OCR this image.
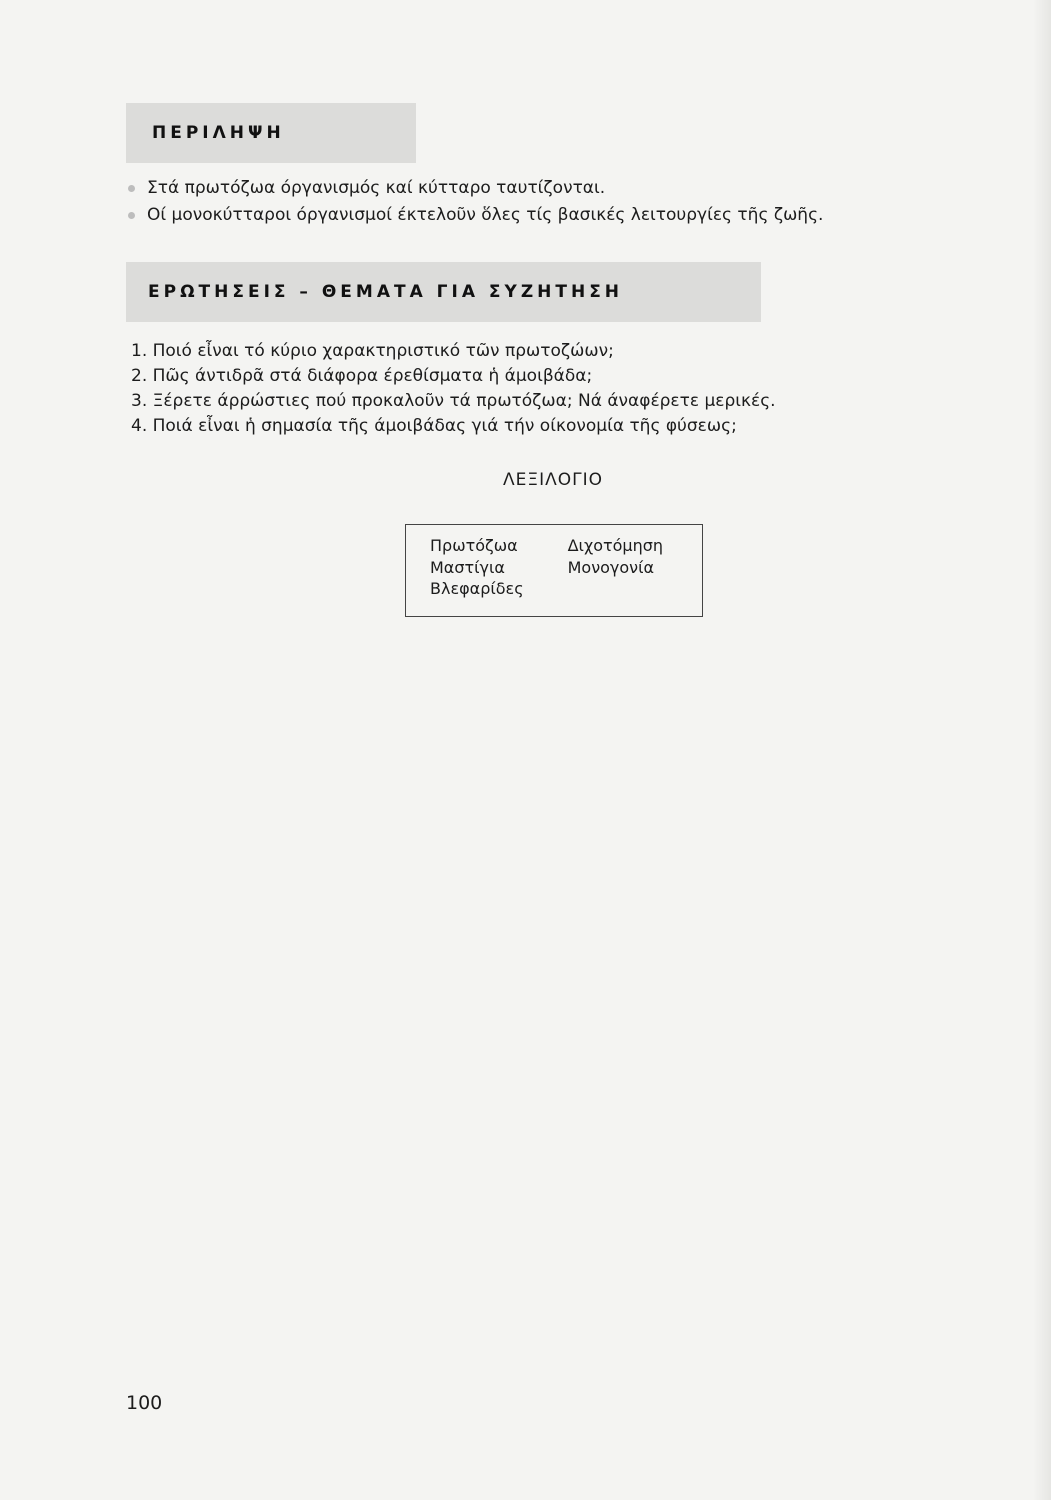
ΠΕΡΙΛΗΨΗ
Στά πρωτόζωα όργανισμός καί κύτταρο ταυτίζονται.
Οί μονοκύτταροι όργανισμοί έκτελοῦν ὅλες τίς βασικές λειτουργίες τῆς ζωῆς.
ΕΡΩΤΗΣΕΙΣ – ΘΕΜΑΤΑ ΓΙΑ ΣΥΖΗΤΗΣΗ
1. Ποιό εἶναι τό κύριο χαρακτηριστικό τῶν πρωτοζώων;
2. Πῶς άντιδρᾶ στά διάφορα έρεθίσματα ἡ άμοιβάδα;
3. Ξέρετε άρρώστιες πού προκαλοῦν τά πρωτόζωα; Νά άναφέρετε μερικές.
4. Ποιά εἶναι ἡ σημασία τῆς άμοιβάδας γιά τήν οίκονομία τῆς φύσεως;
ΛΕΞΙΛΟΓΙΟ
Πρωτόζωα
Μαστίγια
Βλεφαρίδες
Διχοτόμηση
Μονογονία
100
